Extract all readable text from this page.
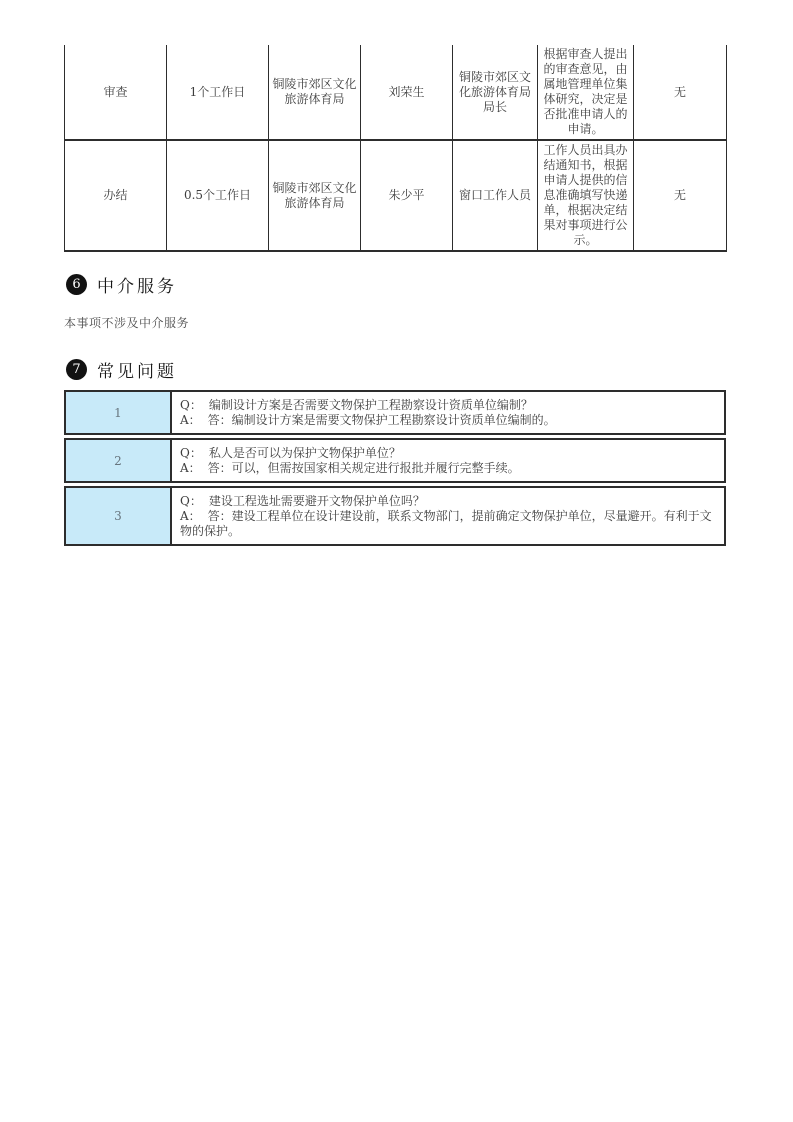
审查	1个工作日	铜陵市郊区文化旅游体育局	刘荣生	铜陵市郊区文化旅游体育局局长	根据审查人提出的审查意见，由属地管理单位集体研究，决定是否批准申请人的申请。	无
办结	0.5个工作日	铜陵市郊区文化旅游体育局	朱少平	窗口工作人员	工作人员出具办结通知书，根据申请人提供的信息准确填写快递单，根据决定结果对事项进行公示。	无
6 中介服务

本事项不涉及中介服务

7 常见问题
1
Q： 编制设计方案是否需要文物保护工程勘察设计资质单位编制？
A： 答：编制设计方案是需要文物保护工程勘察设计资质单位编制的。
2
Q： 私人是否可以为保护文物保护单位？
A： 答：可以，但需按国家相关规定进行报批并履行完整手续。
3
Q： 建设工程选址需要避开文物保护单位吗？
A： 答：建设工程单位在设计建设前，联系文物部门，提前确定文物保护单位，尽量避开。有利于文物的保护。
